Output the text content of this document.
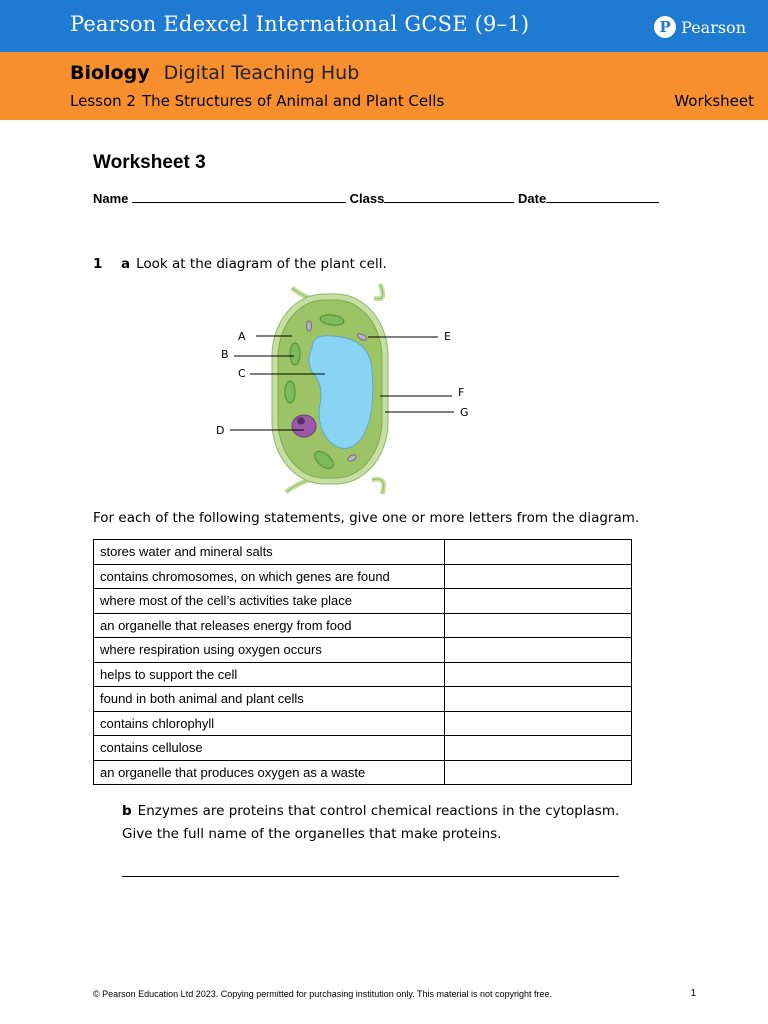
Pearson Edexcel International GCSE (9–1)	P Pearson
Biology Digital Teaching Hub
Lesson 2 The Structures of Animal and Plant Cells	Worksheet
Worksheet 3
Name	Class	Date
1 a Look at the diagram of the plant cell.
A
B
C
D
E
F
G
For each of the following statements, give one or more letters from the diagram.
stores water and mineral salts	
contains chromosomes, on which genes are found	
where most of the cell’s activities take place	
an organelle that releases energy from food	
where respiration using oxygen occurs	
helps to support the cell	
found in both animal and plant cells	
contains chlorophyll	
contains cellulose	
an organelle that produces oxygen as a waste	
b Enzymes are proteins that control chemical reactions in the cytoplasm.
Give the full name of the organelles that make proteins.
© Pearson Education Ltd 2023. Copying permitted for purchasing institution only. This material is not copyright free.	1
